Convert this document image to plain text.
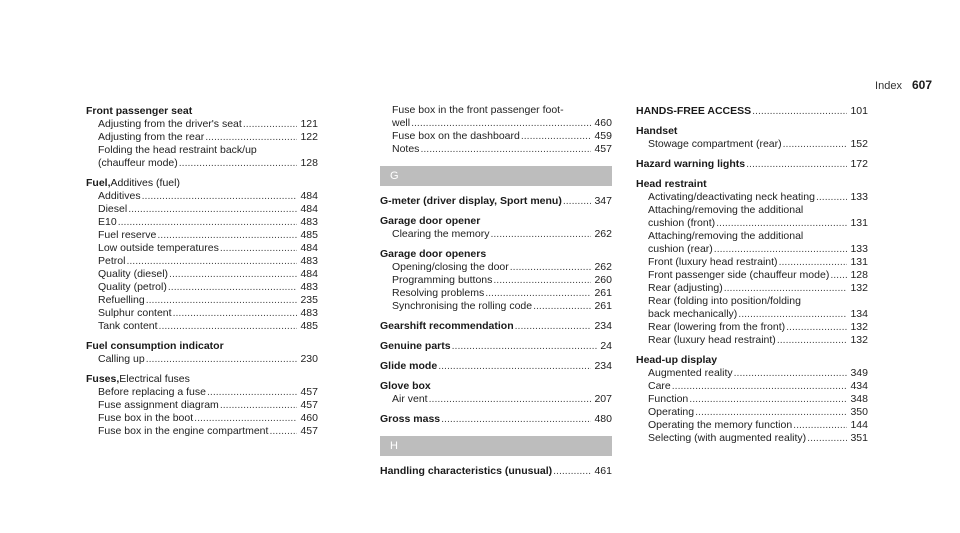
Index 607
Front passenger seat
Adjusting from the driver's seat .....	121
Adjusting from the rear .....	122
Folding the head restraint back/up
(chauffeur mode) .....	128
Fuel, Additives (fuel)
Additives .....	484
Diesel .....	484
E10 .....	483
Fuel reserve .....	485
Low outside temperatures .....	484
Petrol .....	483
Quality (diesel) .....	484
Quality (petrol) .....	483
Refuelling .....	235
Sulphur content .....	483
Tank content .....	485
Fuel consumption indicator
Calling up .....	230
Fuses, Electrical fuses
Before replacing a fuse .....	457
Fuse assignment diagram .....	457
Fuse box in the boot .....	460
Fuse box in the engine compartment .....	457
Fuse box in the front passenger foot-
well .....	460
Fuse box on the dashboard .....	459
Notes .....	457
G
G-meter (driver display, Sport menu) .....	347
Garage door opener
Clearing the memory .....	262
Garage door openers
Opening/closing the door .....	262
Programming buttons .....	260
Resolving problems .....	261
Synchronising the rolling code .....	261
Gearshift recommendation .....	234
Genuine parts .....	24
Glide mode .....	234
Glove box
Air vent .....	207
Gross mass .....	480
H
Handling characteristics (unusual) .....	461
HANDS-FREE ACCESS .....	101
Handset
Stowage compartment (rear) .....	152
Hazard warning lights .....	172
Head restraint
Activating/deactivating neck heating .....	133
Attaching/removing the additional
cushion (front) .....	131
Attaching/removing the additional
cushion (rear) .....	133
Front (luxury head restraint) .....	131
Front passenger side (chauffeur mode) ..... 128
Rear (adjusting) .....	132
Rear (folding into position/folding
back mechanically) .....	134
Rear (lowering from the front) .....	132
Rear (luxury head restraint) .....	132
Head-up display
Augmented reality .....	349
Care .....	434
Function .....	348
Operating .....	350
Operating the memory function .....	144
Selecting (with augmented reality) .....	351
